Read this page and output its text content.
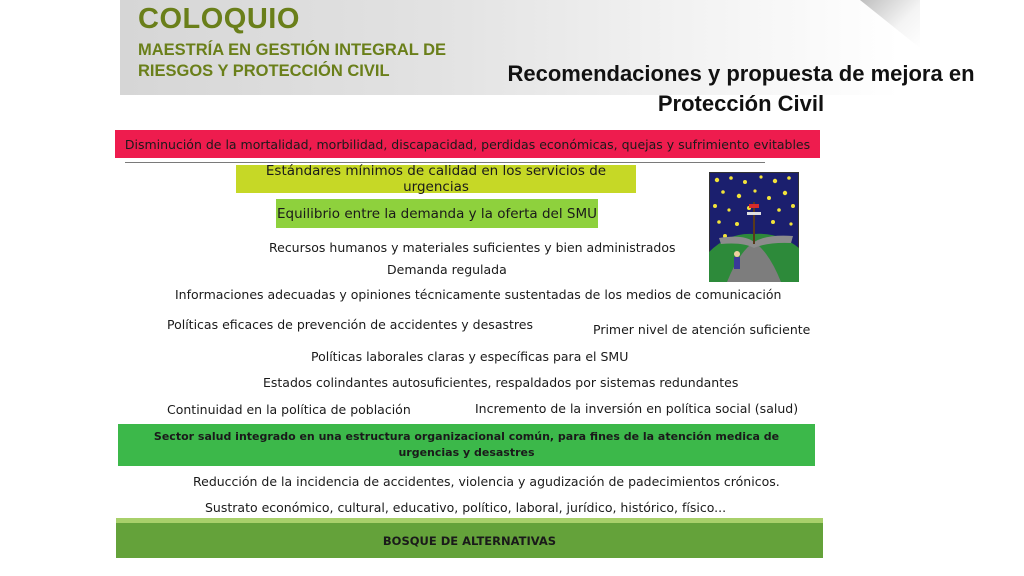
COLOQUIO
MAESTRÍA EN GESTIÓN INTEGRAL DE
RIESGOS Y PROTECCIÓN CIVIL	Recomendaciones y propuesta de mejora en
Protección Civil
Disminución de la mortalidad, morbilidad, discapacidad, perdidas económicas, quejas y sufrimiento evitables
Estándares mínimos de calidad en los servicios de urgencias
Equilibrio entre la demanda y la oferta del SMU

Recursos humanos y materiales suficientes y bien administrados

Demanda regulada

Informaciones adecuadas y opiniones técnicamente sustentadas de los medios de comunicación

Políticas eficaces de prevención de accidentes y desastres	Primer nivel de atención suficiente

Políticas laborales claras y específicas para el SMU

Estados colindantes autosuficientes, respaldados por sistemas redundantes

Continuidad en la política de población	Incremento de la inversión en política social (salud)

Sector salud integrado en una estructura organizacional común, para fines de la atención medica de urgencias y desastres

Reducción de la incidencia de accidentes, violencia y agudización de padecimientos crónicos.

Sustrato económico, cultural, educativo, político, laboral, jurídico, histórico, físico...

BOSQUE DE ALTERNATIVAS
